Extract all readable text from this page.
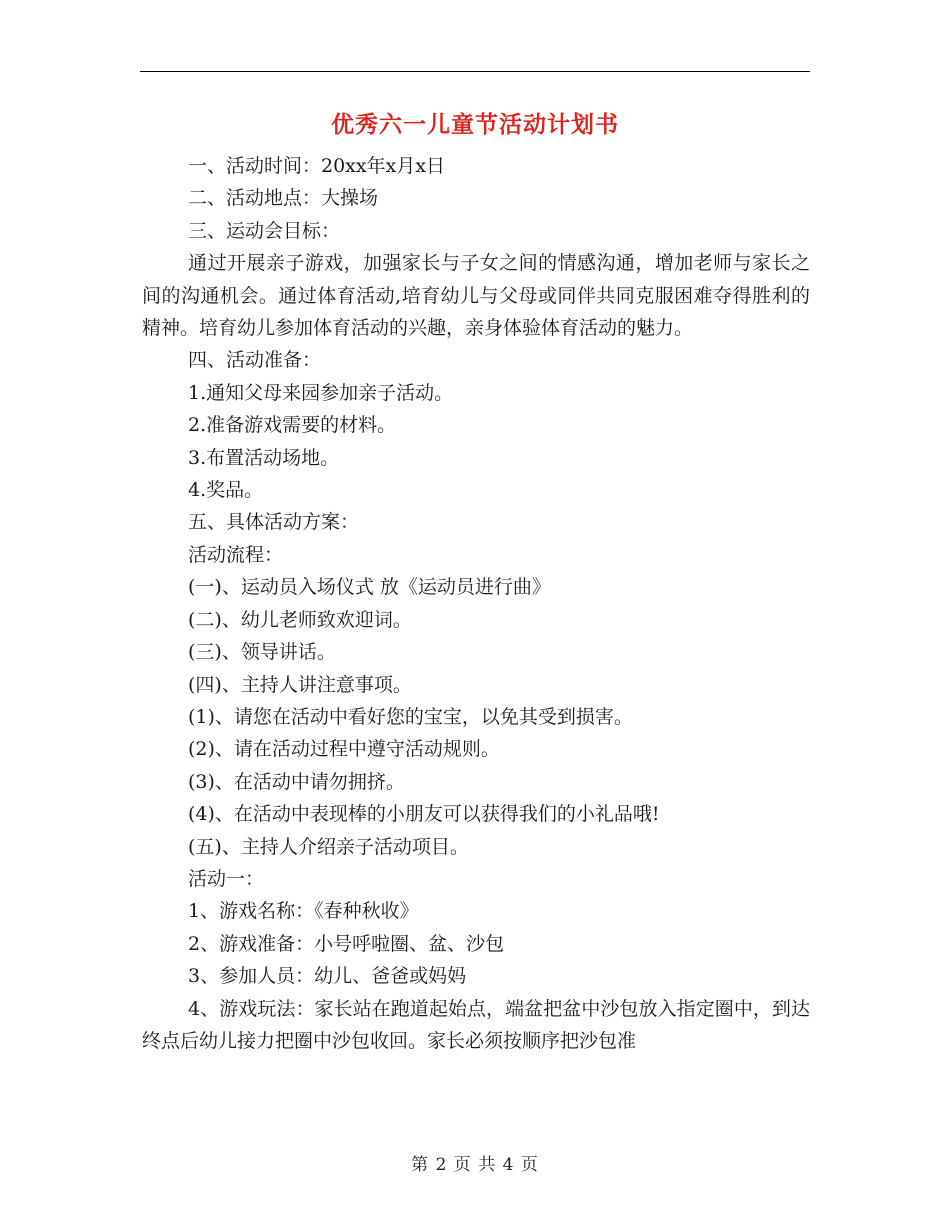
优秀六一儿童节活动计划书

一、活动时间：20xx年x月x日

二、活动地点：大操场

三、运动会目标：

通过开展亲子游戏，加强家长与子女之间的情感沟通，增加老师与家长之间的沟通机会。通过体育活动,培育幼儿与父母或同伴共同克服困难夺得胜利的精神。培育幼儿参加体育活动的兴趣，亲身体验体育活动的魅力。

四、活动准备：

1.通知父母来园参加亲子活动。

2.准备游戏需要的材料。

3.布置活动场地。

4.奖品。

五、具体活动方案：

活动流程：

(一)、运动员入场仪式 放《运动员进行曲》

(二)、幼儿老师致欢迎词。

(三)、领导讲话。

(四)、主持人讲注意事项。

(1)、请您在活动中看好您的宝宝，以免其受到损害。

(2)、请在活动过程中遵守活动规则。

(3)、在活动中请勿拥挤。

(4)、在活动中表现棒的小朋友可以获得我们的小礼品哦!

(五)、主持人介绍亲子活动项目。

活动一：

1、游戏名称：《春种秋收》

2、游戏准备：小号呼啦圈、盆、沙包

3、参加人员：幼儿、爸爸或妈妈

4、游戏玩法：家长站在跑道起始点，端盆把盆中沙包放入指定圈中，到达终点后幼儿接力把圈中沙包收回。家长必须按顺序把沙包准

第 2 页 共 4 页
